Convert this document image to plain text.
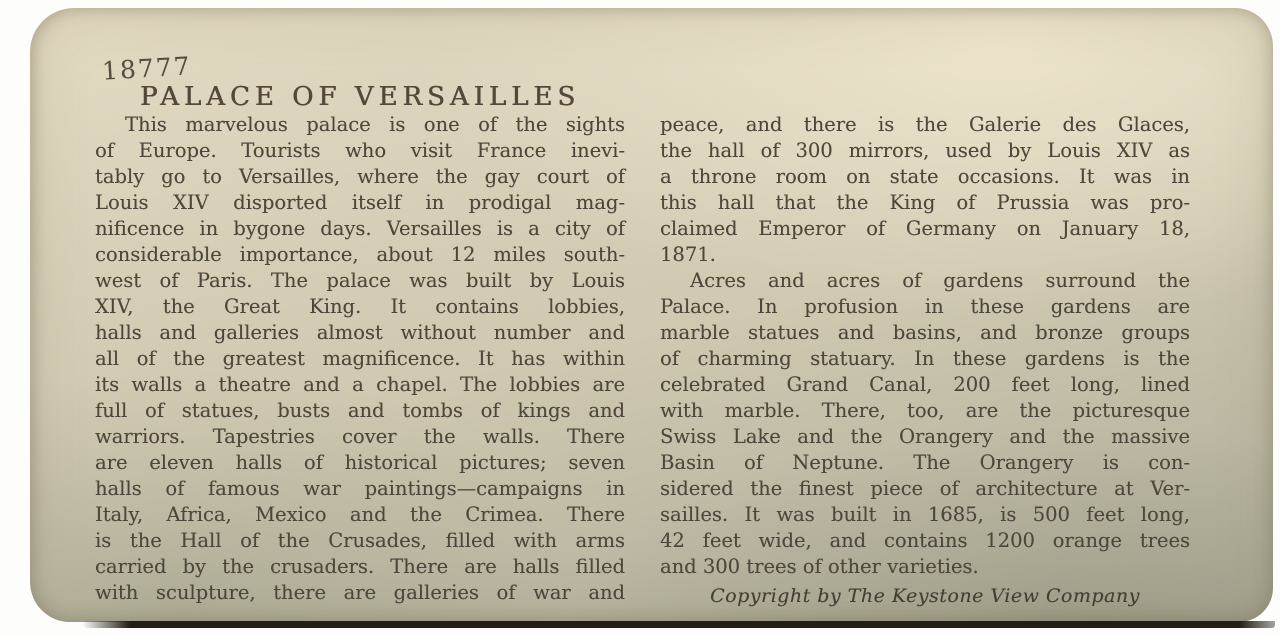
18777
PALACE OF VERSAILLES
This marvelous palace is one of the sights
of Europe. Tourists who visit France inevi-
tably go to Versailles, where the gay court of
Louis XIV disported itself in prodigal mag-
nificence in bygone days. Versailles is a city of
considerable importance, about 12 miles south-
west of Paris. The palace was built by Louis
XIV, the Great King. It contains lobbies,
halls and galleries almost without number and
all of the greatest magnificence. It has within
its walls a theatre and a chapel. The lobbies are
full of statues, busts and tombs of kings and
warriors. Tapestries cover the walls. There
are eleven halls of historical pictures; seven
halls of famous war paintings—campaigns in
Italy, Africa, Mexico and the Crimea. There
is the Hall of the Crusades, filled with arms
carried by the crusaders. There are halls filled
with sculpture, there are galleries of war and
peace, and there is the Galerie des Glaces,
the hall of 300 mirrors, used by Louis XIV as
a throne room on state occasions. It was in
this hall that the King of Prussia was pro-
claimed Emperor of Germany on January 18,
1871.
Acres and acres of gardens surround the
Palace. In profusion in these gardens are
marble statues and basins, and bronze groups
of charming statuary. In these gardens is the
celebrated Grand Canal, 200 feet long, lined
with marble. There, too, are the picturesque
Swiss Lake and the Orangery and the massive
Basin of Neptune. The Orangery is con-
sidered the finest piece of architecture at Ver-
sailles. It was built in 1685, is 500 feet long,
42 feet wide, and contains 1200 orange trees
and 300 trees of other varieties.
Copyright by The Keystone View Company
